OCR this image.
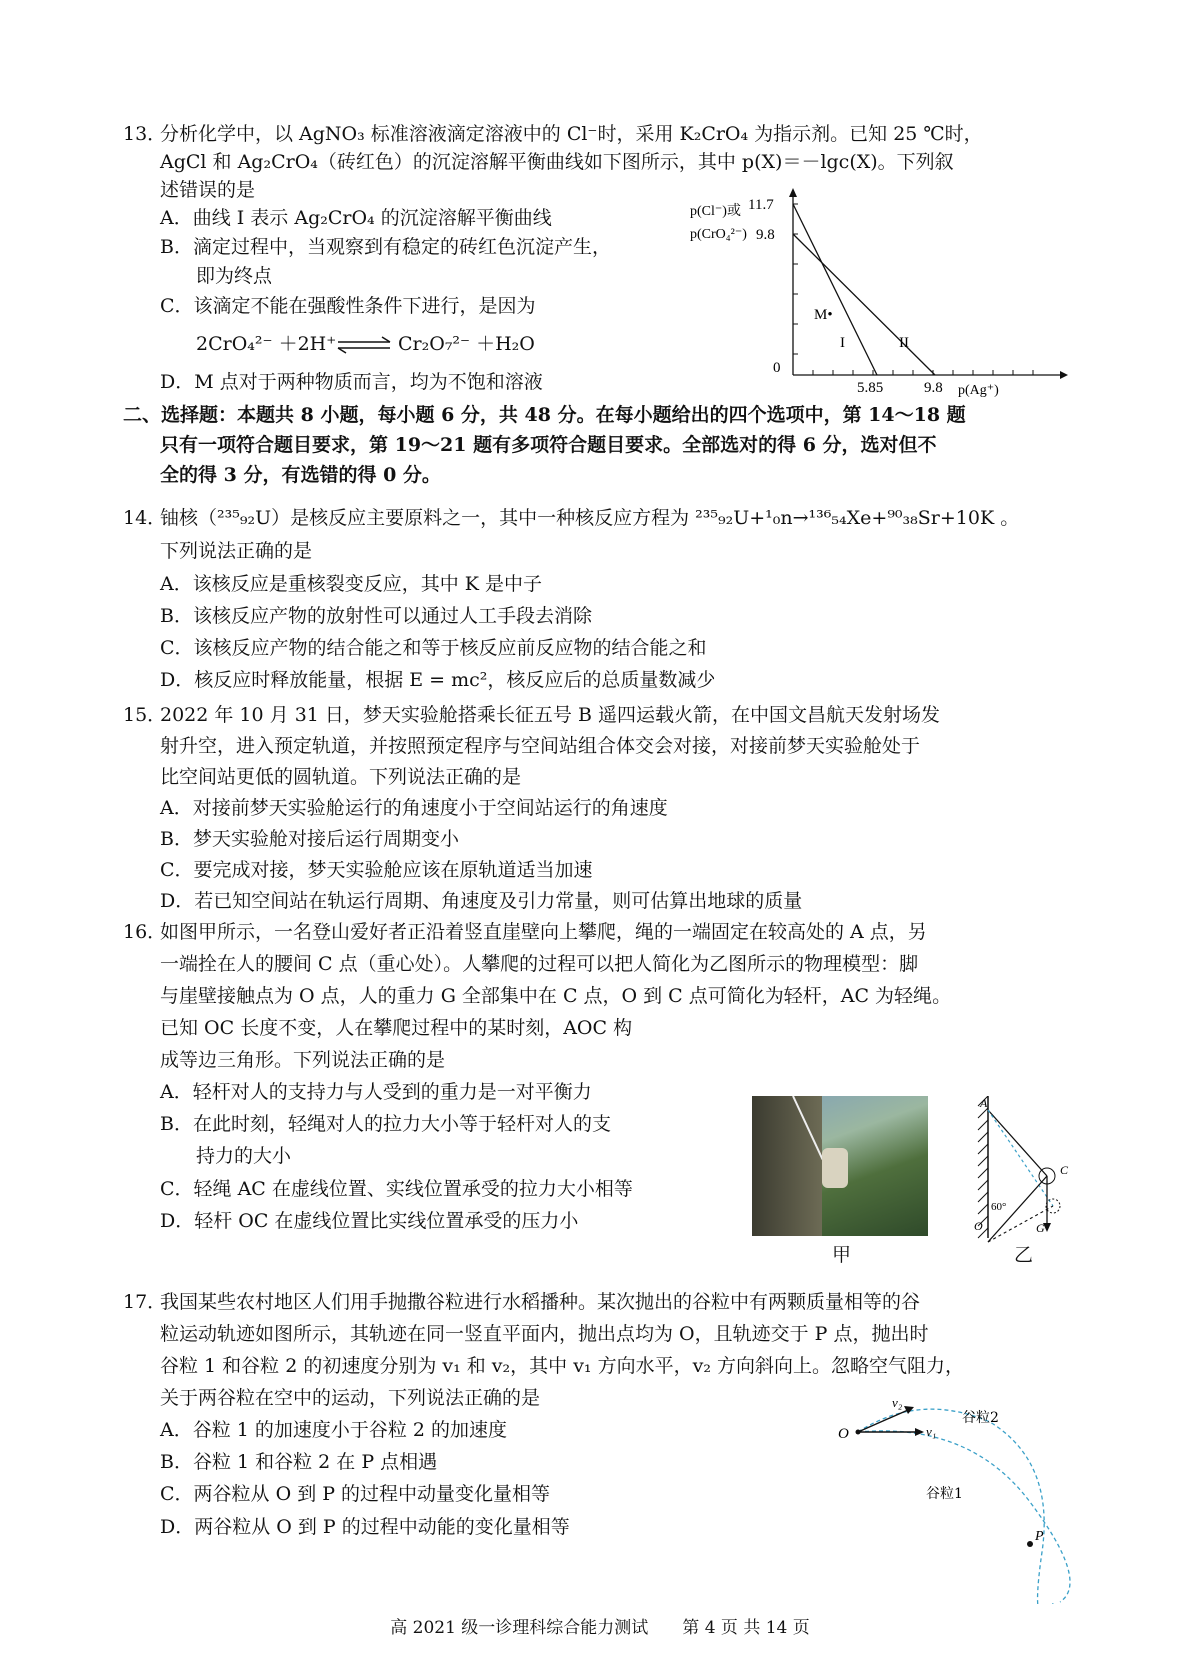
13．
分析化学中，以 AgNO₃ 标准溶液滴定溶液中的 Cl⁻时，采用 K₂CrO₄ 为指示剂。已知 25 ℃时，
AgCl 和 Ag₂CrO₄（砖红色）的沉淀溶解平衡曲线如下图所示，其中 p(X)＝－lgc(X)。下列叙
述错误的是
A．曲线 I 表示 Ag₂CrO₄ 的沉淀溶解平衡曲线
B．滴定过程中，当观察到有稳定的砖红色沉淀产生，
即为终点
C．该滴定不能在强酸性条件下进行，是因为
2CrO₄²⁻ ＋2H⁺ ⇌ Cr₂O₇²⁻ ＋H₂O
D．M 点对于两种物质而言，均为不饱和溶液
p(Cl⁻)或
p(CrO₄²⁻)
11.7
9.8
0
5.85	9.8 p(Ag⁺)
M•
I	II
二、选择题：本题共 8 小题，每小题 6 分，共 48 分。在每小题给出的四个选项中，第 14～18 题
只有一项符合题目要求，第 19～21 题有多项符合题目要求。全部选对的得 6 分，选对但不
全的得 3 分，有选错的得 0 分。
14．
铀核（²³⁵₉₂U）是核反应主要原料之一，其中一种核反应方程为 ²³⁵₉₂U+¹₀n→¹³⁶₅₄Xe+⁹⁰₃₈Sr+10K 。
下列说法正确的是
A．该核反应是重核裂变反应，其中 K 是中子
B．该核反应产物的放射性可以通过人工手段去消除
C．该核反应产物的结合能之和等于核反应前反应物的结合能之和
D．核反应时释放能量，根据 E = mc²，核反应后的总质量数减少
15．
2022 年 10 月 31 日，梦天实验舱搭乘长征五号 B 遥四运载火箭，在中国文昌航天发射场发
射升空，进入预定轨道，并按照预定程序与空间站组合体交会对接，对接前梦天实验舱处于
比空间站更低的圆轨道。下列说法正确的是
A．对接前梦天实验舱运行的角速度小于空间站运行的角速度
B．梦天实验舱对接后运行周期变小
C．要完成对接，梦天实验舱应该在原轨道适当加速
D．若已知空间站在轨运行周期、角速度及引力常量，则可估算出地球的质量
16．
如图甲所示，一名登山爱好者正沿着竖直崖壁向上攀爬，绳的一端固定在较高处的 A 点，另
一端拴在人的腰间 C 点（重心处）。人攀爬的过程可以把人简化为乙图所示的物理模型：脚
与崖壁接触点为 O 点，人的重力 G 全部集中在 C 点，O 到 C 点可简化为轻杆，AC 为轻绳。
已知 OC 长度不变，人在攀爬过程中的某时刻，AOC 构
成等边三角形。下列说法正确的是
A．轻杆对人的支持力与人受到的重力是一对平衡力
B．在此时刻，轻绳对人的拉力大小等于轻杆对人的支
持力的大小
C．轻绳 AC 在虚线位置、实线位置承受的拉力大小相等
D．轻杆 OC 在虚线位置比实线位置承受的压力小
甲
A
C
O	G
60°
乙
17．
我国某些农村地区人们用手抛撒谷粒进行水稻播种。某次抛出的谷粒中有两颗质量相等的谷
粒运动轨迹如图所示，其轨迹在同一竖直平面内，抛出点均为 O，且轨迹交于 P 点，抛出时
谷粒 1 和谷粒 2 的初速度分别为 v₁ 和 v₂，其中 v₁ 方向水平，v₂ 方向斜向上。忽略空气阻力，
关于两谷粒在空中的运动，下列说法正确的是
A．谷粒 1 的加速度小于谷粒 2 的加速度
B．谷粒 1 和谷粒 2 在 P 点相遇
C．两谷粒从 O 到 P 的过程中动量变化量相等
D．两谷粒从 O 到 P 的过程中动能的变化量相等
O
v₂
v₁
P
谷粒2
谷粒1
高 2021 级一诊理科综合能力测试　　第 4 页 共 14 页
